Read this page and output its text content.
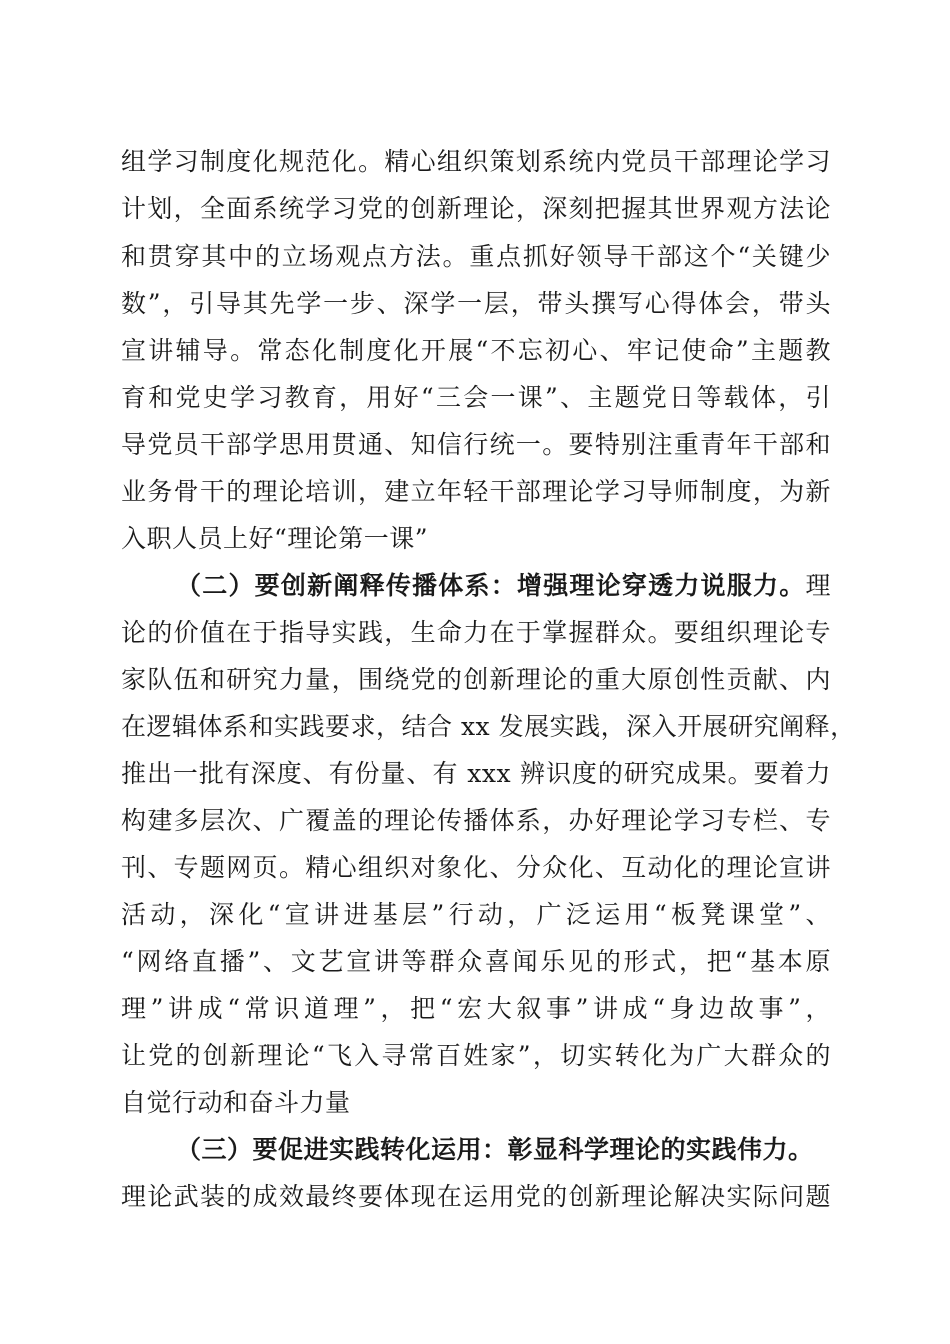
组学习制度化规范化。精心组织策划系统内党员干部理论学习
计划，全面系统学习党的创新理论，深刻把握其世界观方法论
和贯穿其中的立场观点方法。重点抓好领导干部这个“关键少
数”，引导其先学一步、深学一层，带头撰写心得体会，带头
宣讲辅导。常态化制度化开展“不忘初心、牢记使命”主题教
育和党史学习教育，用好“三会一课”、主题党日等载体，引
导党员干部学思用贯通、知信行统一。要特别注重青年干部和
业务骨干的理论培训，建立年轻干部理论学习导师制度，为新
入职人员上好“理论第一课”
（二）要创新阐释传播体系：增强理论穿透力说服力。理
论的价值在于指导实践，生命力在于掌握群众。要组织理论专
家队伍和研究力量，围绕党的创新理论的重大原创性贡献、内
在逻辑体系和实践要求，结合 xx 发展实践，深入开展研究阐释，
推出一批有深度、有份量、有 xxx 辨识度的研究成果。要着力
构建多层次、广覆盖的理论传播体系，办好理论学习专栏、专
刊、专题网页。精心组织对象化、分众化、互动化的理论宣讲
活动，深化“宣讲进基层”行动，广泛运用“板凳课堂”、
“网络直播”、文艺宣讲等群众喜闻乐见的形式，把“基本原
理”讲成“常识道理”，把“宏大叙事”讲成“身边故事”，
让党的创新理论“飞入寻常百姓家”，切实转化为广大群众的
自觉行动和奋斗力量
（三）要促进实践转化运用：彰显科学理论的实践伟力。
理论武装的成效最终要体现在运用党的创新理论解决实际问题
